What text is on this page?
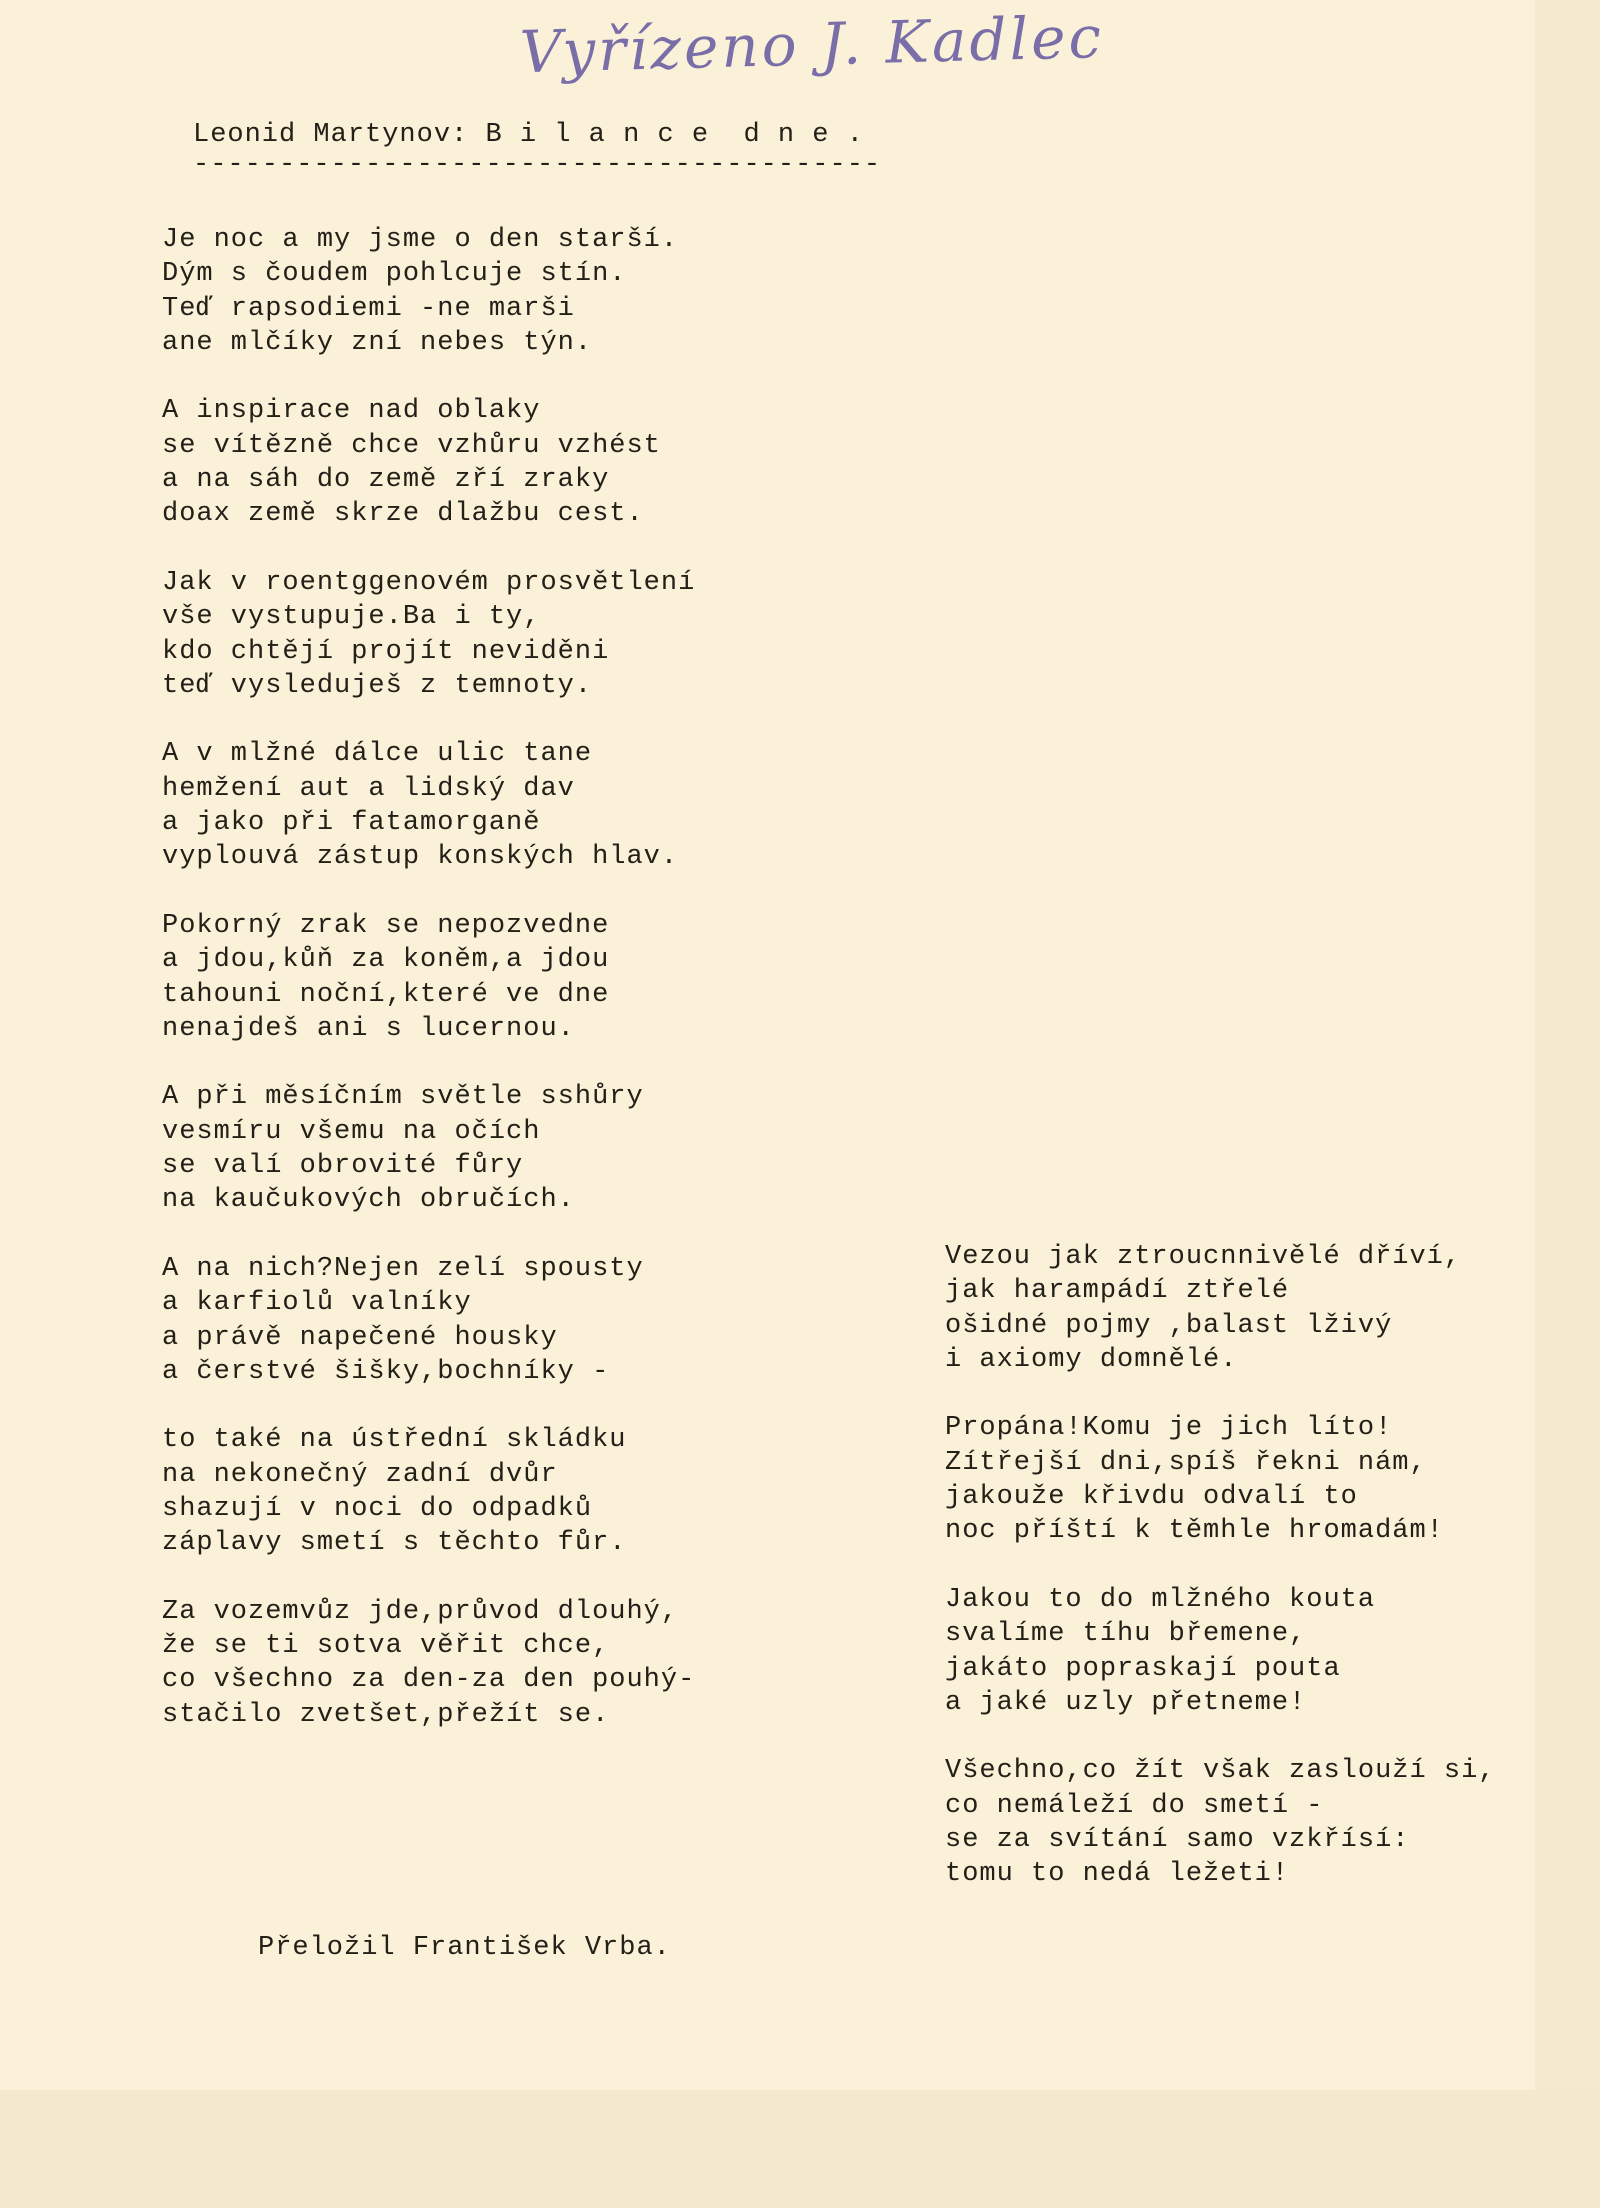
Vyřízeno J. Kadlec
Leonid Martynov: B i l a n c e  d n e .
----------------------------------------
Je noc a my jsme o den starší.
Dým s čoudem pohlcuje stín.
Teď rapsodiemi -ne marši
ane mlčíky zní nebes týn.
A inspirace nad oblaky
se vítězně chce vzhůru vzhést
a na sáh do země zří zraky
doax země skrze dlažbu cest.
Jak v roentggenovém prosvětlení
vše vystupuje.Ba i ty,
kdo chtějí projít neviděni
teď vysleduješ z temnoty.
A v mlžné dálce ulic tane
hemžení aut a lidský dav
a jako při fatamorganě
vyplouvá zástup konských hlav.
Pokorný zrak se nepozvedne
a jdou,kůň za koněm,a jdou
tahouni noční,které ve dne
nenajdeš ani s lucernou.
A při měsíčním světle sshůry
vesmíru všemu na očích
se valí obrovité fůry
na kaučukových obručích.
A na nich?Nejen zelí spousty
a karfiolů valníky
a právě napečené housky
a čerstvé šišky,bochníky -
to také na ústřední skládku
na nekonečný zadní dvůr
shazují v noci do odpadků
záplavy smetí s těchto fůr.
Za vozemvůz jde,průvod dlouhý,
že se ti sotva věřit chce,
co všechno za den-za den pouhý-
stačilo zvetšet,přežít se.
Vezou jak ztroucnnivělé dříví,
jak harampádí ztřelé
ošidné pojmy ,balast lživý
i axiomy domnělé.
Propána!Komu je jich líto!
Zítřejší dni,spíš řekni nám,
jakouže křivdu odvalí to
noc příští k těmhle hromadám!
Jakou to do mlžného kouta
svalíme tíhu břemene,
jakáto popraskají pouta
a jaké uzly přetneme!
Všechno,co žít však zaslouží si,
co nemáleží do smetí -
se za svítání samo vzkřísí:
tomu to nedá ležeti!
Přeložil František Vrba.
